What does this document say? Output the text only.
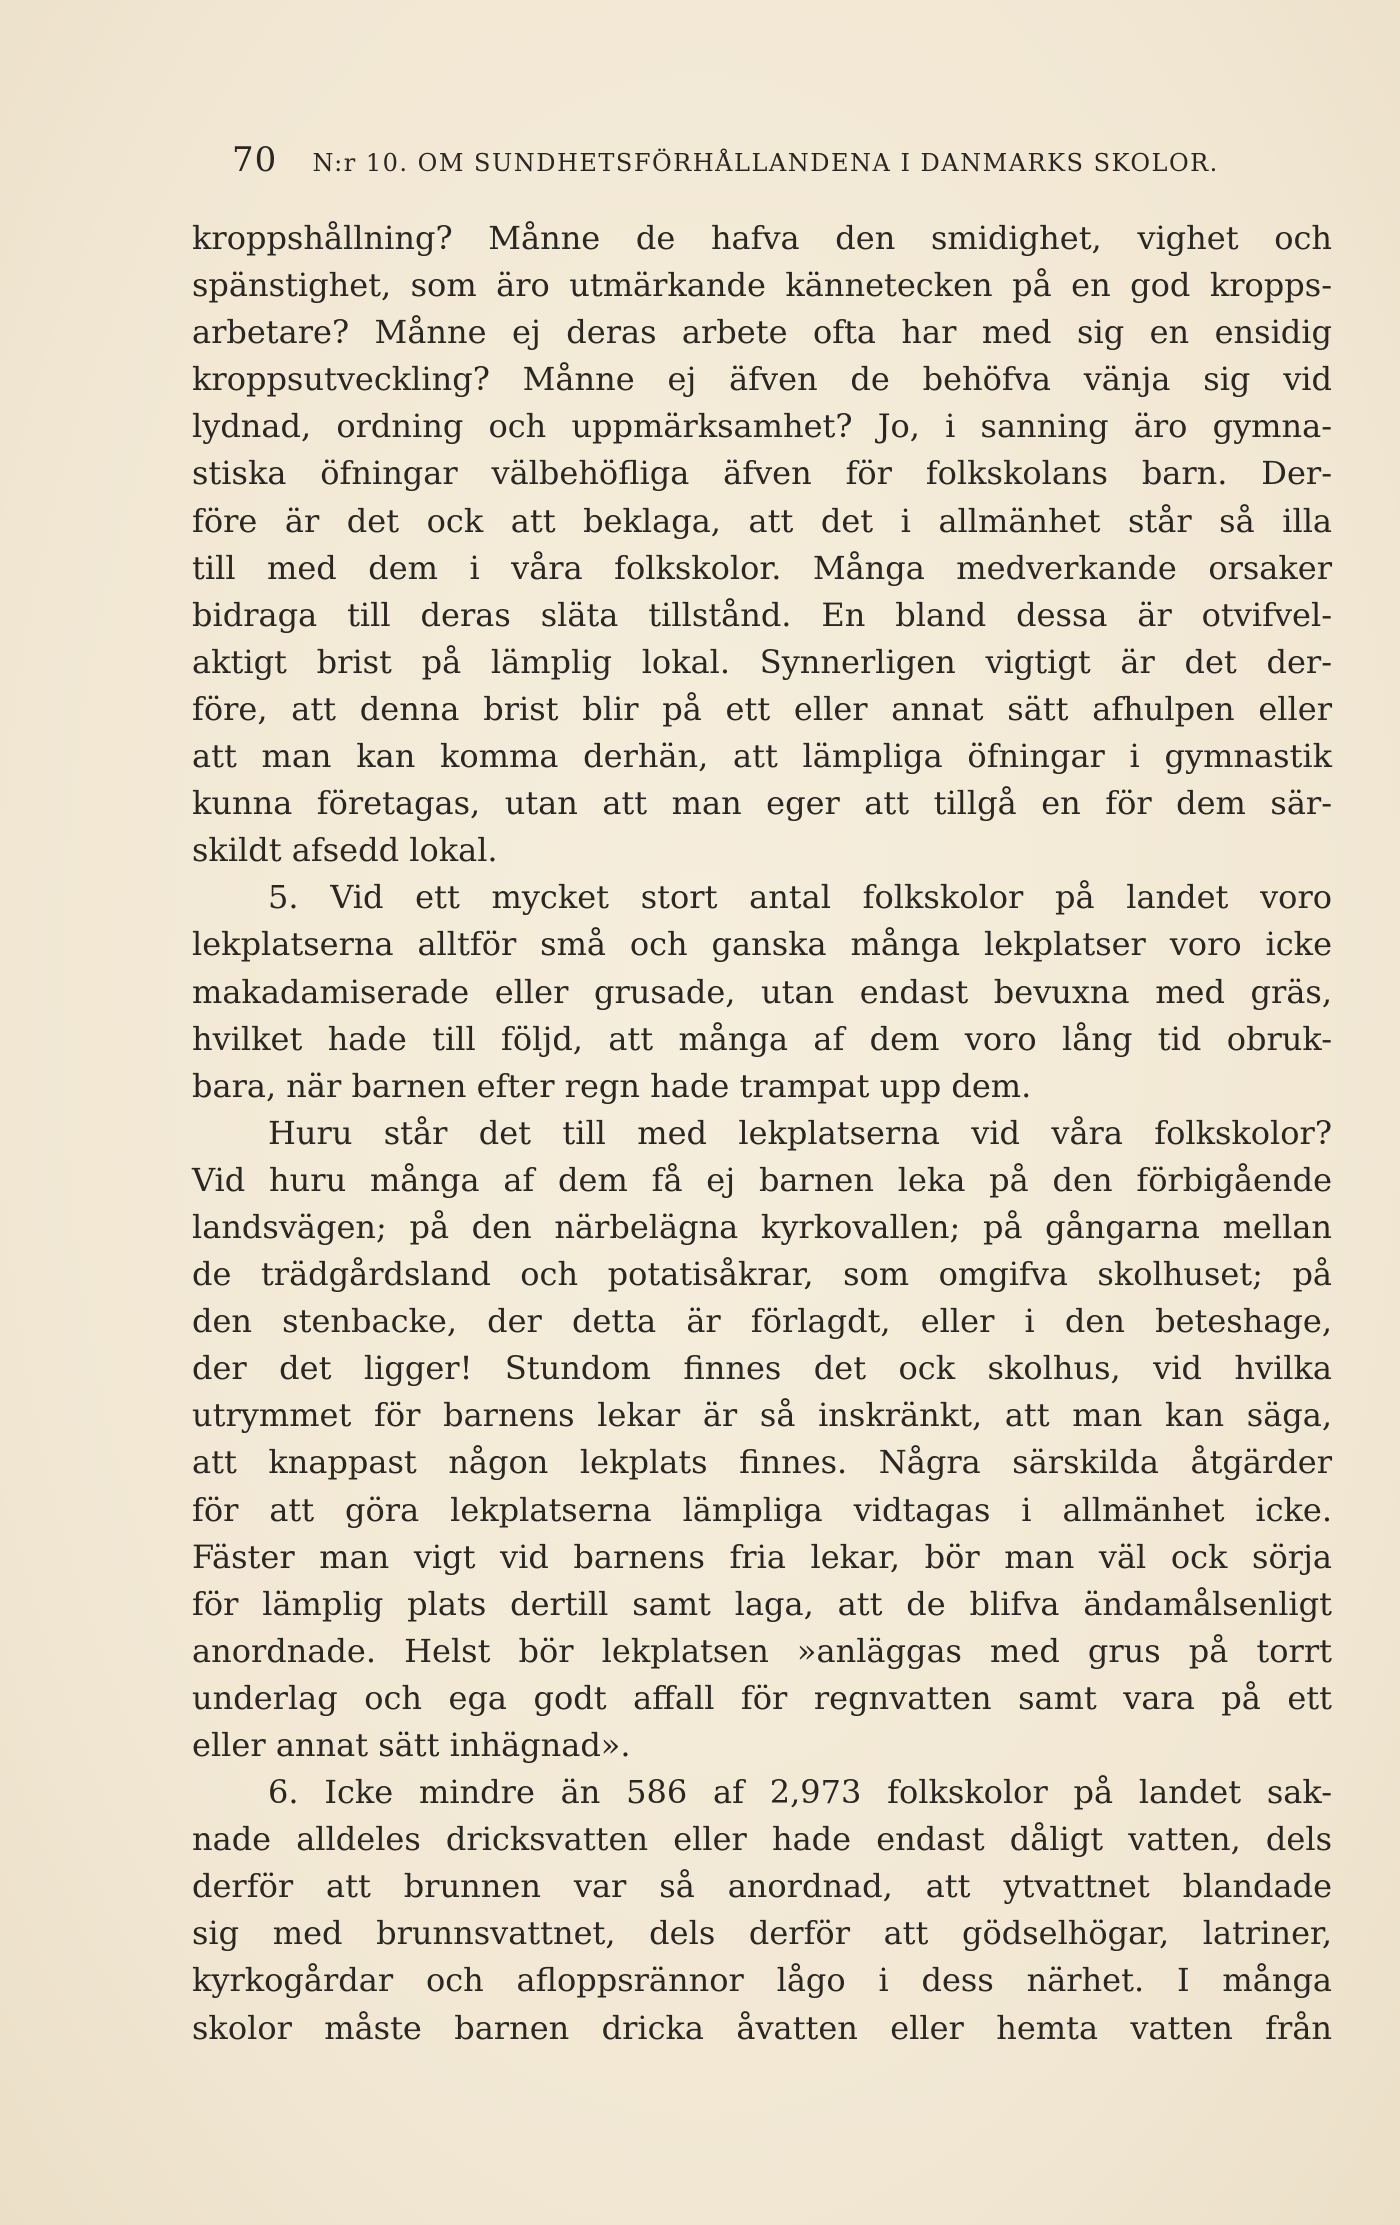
70 N:r 10. OM SUNDHETSFÖRHÅLLANDENA I DANMARKS SKOLOR.
kroppshållning? Månne de hafva den smidighet, vighet och
spänstighet, som äro utmärkande kännetecken på en god kropps-
arbetare? Månne ej deras arbete ofta har med sig en ensidig
kroppsutveckling? Månne ej äfven de behöfva vänja sig vid
lydnad, ordning och uppmärksamhet? Jo, i sanning äro gymna-
stiska öfningar välbehöfliga äfven för folkskolans barn. Der-
före är det ock att beklaga, att det i allmänhet står så illa
till med dem i våra folkskolor. Många medverkande orsaker
bidraga till deras släta tillstånd. En bland dessa är otvifvel-
aktigt brist på lämplig lokal. Synnerligen vigtigt är det der-
före, att denna brist blir på ett eller annat sätt afhulpen eller
att man kan komma derhän, att lämpliga öfningar i gymnastik
kunna företagas, utan att man eger att tillgå en för dem sär-
skildt afsedd lokal.
5. Vid ett mycket stort antal folkskolor på landet voro
lekplatserna alltför små och ganska många lekplatser voro icke
makadamiserade eller grusade, utan endast bevuxna med gräs,
hvilket hade till följd, att många af dem voro lång tid obruk-
bara, när barnen efter regn hade trampat upp dem.
Huru står det till med lekplatserna vid våra folkskolor?
Vid huru många af dem få ej barnen leka på den förbigående
landsvägen; på den närbelägna kyrkovallen; på gångarna mellan
de trädgårdsland och potatisåkrar, som omgifva skolhuset; på
den stenbacke, der detta är förlagdt, eller i den beteshage,
der det ligger! Stundom finnes det ock skolhus, vid hvilka
utrymmet för barnens lekar är så inskränkt, att man kan säga,
att knappast någon lekplats finnes. Några särskilda åtgärder
för att göra lekplatserna lämpliga vidtagas i allmänhet icke.
Fäster man vigt vid barnens fria lekar, bör man väl ock sörja
för lämplig plats dertill samt laga, att de blifva ändamålsenligt
anordnade. Helst bör lekplatsen »anläggas med grus på torrt
underlag och ega godt affall för regnvatten samt vara på ett
eller annat sätt inhägnad».
6. Icke mindre än 586 af 2,973 folkskolor på landet sak-
nade alldeles dricksvatten eller hade endast dåligt vatten, dels
derför att brunnen var så anordnad, att ytvattnet blandade
sig med brunnsvattnet, dels derför att gödselhögar, latriner,
kyrkogårdar och afloppsrännor lågo i dess närhet. I många
skolor måste barnen dricka åvatten eller hemta vatten från
